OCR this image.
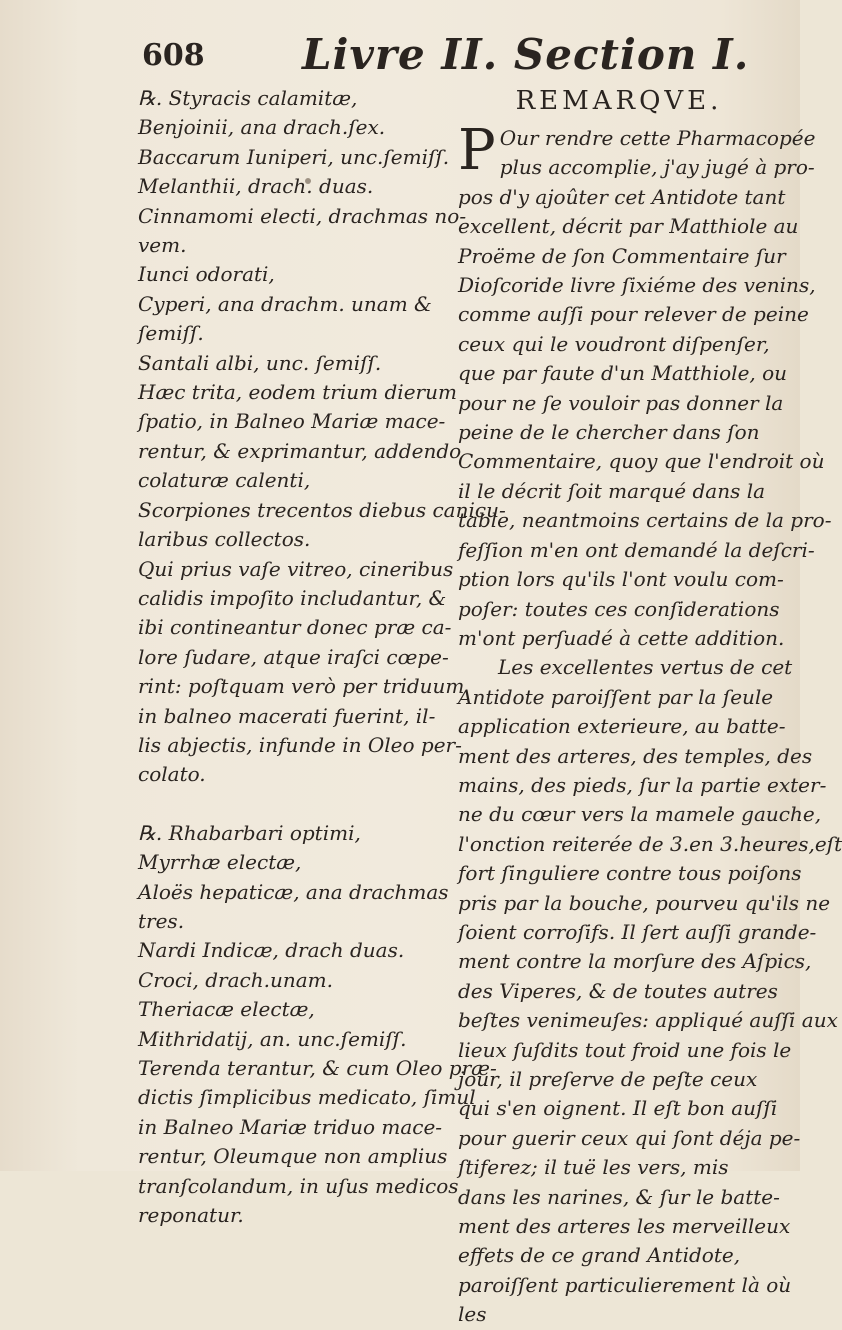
608 Livre II. Section I.
℞. Styracis calamitæ,
Benjoinii, ana drach.ſex.
Baccarum Iuniperi, unc.ſemiſſ.
Melanthii, drach. duas.
Cinnamomi electi, drachmas no-
vem.
Iunci odorati,
Cyperi, ana drachm. unam &
ſemiſſ.
Santali albi, unc. ſemiſſ.
Hæc trita, eodem trium dierum
ſpatio, in Balneo Mariæ mace-
rentur, & exprimantur, addendo
colaturæ calenti,
Scorpiones trecentos diebus canicu-
laribus collectos.
Qui prius vaſe vitreo, cineribus
calidis impoſito includantur, &
ibi contineantur donec præ ca-
lore ſudare, atque iraſci cœpe-
rint: poſtquam verò per triduum
in balneo macerati fuerint, il-
lis abjectis, infunde in Oleo per-
colato.
℞. Rhabarbari optimi,
Myrrhæ electæ,
Aloës hepaticæ, ana drachmas
tres.
Nardi Indicæ, drach duas.
Croci, drach.unam.
Theriacæ electæ,
Mithridatij, an. unc.ſemiſſ.
Terenda terantur, & cum Oleo præ-
dictis ſimplicibus medicato, ſimul
in Balneo Mariæ triduo mace-
rentur, Oleumque non amplius
tranſcolandum, in uſus medicos
reponatur.
REMARQVE.
P Our rendre cette Pharmacopée
plus accomplie, j'ay jugé à pro-
pos d'y ajoûter cet Antidote tant
excellent, décrit par Matthiole au
Proëme de ſon Commentaire ſur
Dioſcoride livre ſixiéme des venins,
comme auſſi pour relever de peine
ceux qui le voudront diſpenſer,
que par faute d'un Matthiole, ou
pour ne ſe vouloir pas donner la
peine de le chercher dans ſon
Commentaire, quoy que l'endroit où
il le décrit ſoit marqué dans la
table, neantmoins certains de la pro-
feſſion m'en ont demandé la deſcri-
ption lors qu'ils l'ont voulu com-
poſer: toutes ces conſiderations
m'ont perſuadé à cette addition.
Les excellentes vertus de cet
Antidote paroiſſent par la ſeule
application exterieure, au batte-
ment des arteres, des temples, des
mains, des pieds, ſur la partie exter-
ne du cœur vers la mamele gauche,
l'onction reiterée de 3.en 3.heures,eſt
fort ſinguliere contre tous poiſons
pris par la bouche, pourveu qu'ils ne
ſoient corroſifs. Il ſert auſſi grande-
ment contre la morſure des Aſpics,
des Viperes, & de toutes autres
beſtes venimeuſes: appliqué auſſi aux
lieux ſuſdits tout froid une fois le
jour, il preſerve de peſte ceux
qui s'en oignent. Il eſt bon auſſi
pour guerir ceux qui ſont déja pe-
ſtiferez; il tuë les vers, mis
dans les narines, & ſur le batte-
ment des arteres les merveilleux
effets de ce grand Antidote,
paroiſſent particulierement là où
les
